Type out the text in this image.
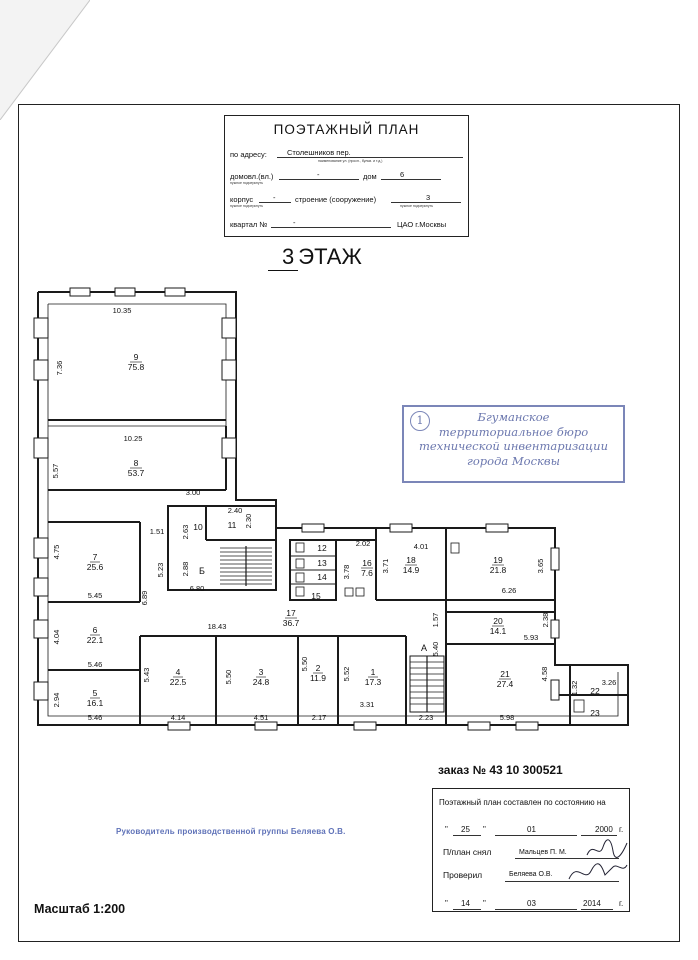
ПОЭТАЖНЫЙ ПЛАН
по адресу:	Столешников пер.
наименование ул. (просп., бульв. и т.д.)
домовл.(вл.)	-	дом	6
нужное подчеркнуть
корпус	-	строение (сооружение)	3
нужное подчеркнуть	нужное подчеркнуть
квартал №	-	ЦАО г.Москвы
3 ЭТАЖ
9
75.8
8
53.7
7
25.6
6
22.1
5
16.1
4
22.5
3
24.8
2
11.9
1
17.3
10	11
12
13
14
15
16
7.6
17
36.7
18
14.9
19
21.8
20
14.1
21
27.4
22
23
Б
А
10.35
7.36
10.25
5.57
3.00
2.40
2.63
2.30
1.51
4.75
5.45
5.23 2.88
6.80
6.89
4.04
5.46
2.94
5.46
18.43
5.43
4.14
5.50
4.51
5.50
2.17
5.52
3.31
2.02
3.78	3.71
4.01
3.65
6.26
1.57
5.40
2.38
5.93
4.58
2.23	5.98
1.32	3.26
1	Бгуманское
территориальное бюро
технической инвентаризации
города Москвы
заказ № 43 10 300521
Поэтажный план составлен по состоянию на
" 25 "	01	2000 г.
П/план снял	Мальцев П. М.
Проверил	Беляева О.В.
" 14 "	03	2014 г.
Руководитель производственной группы Беляева О.В.
Масштаб 1:200
